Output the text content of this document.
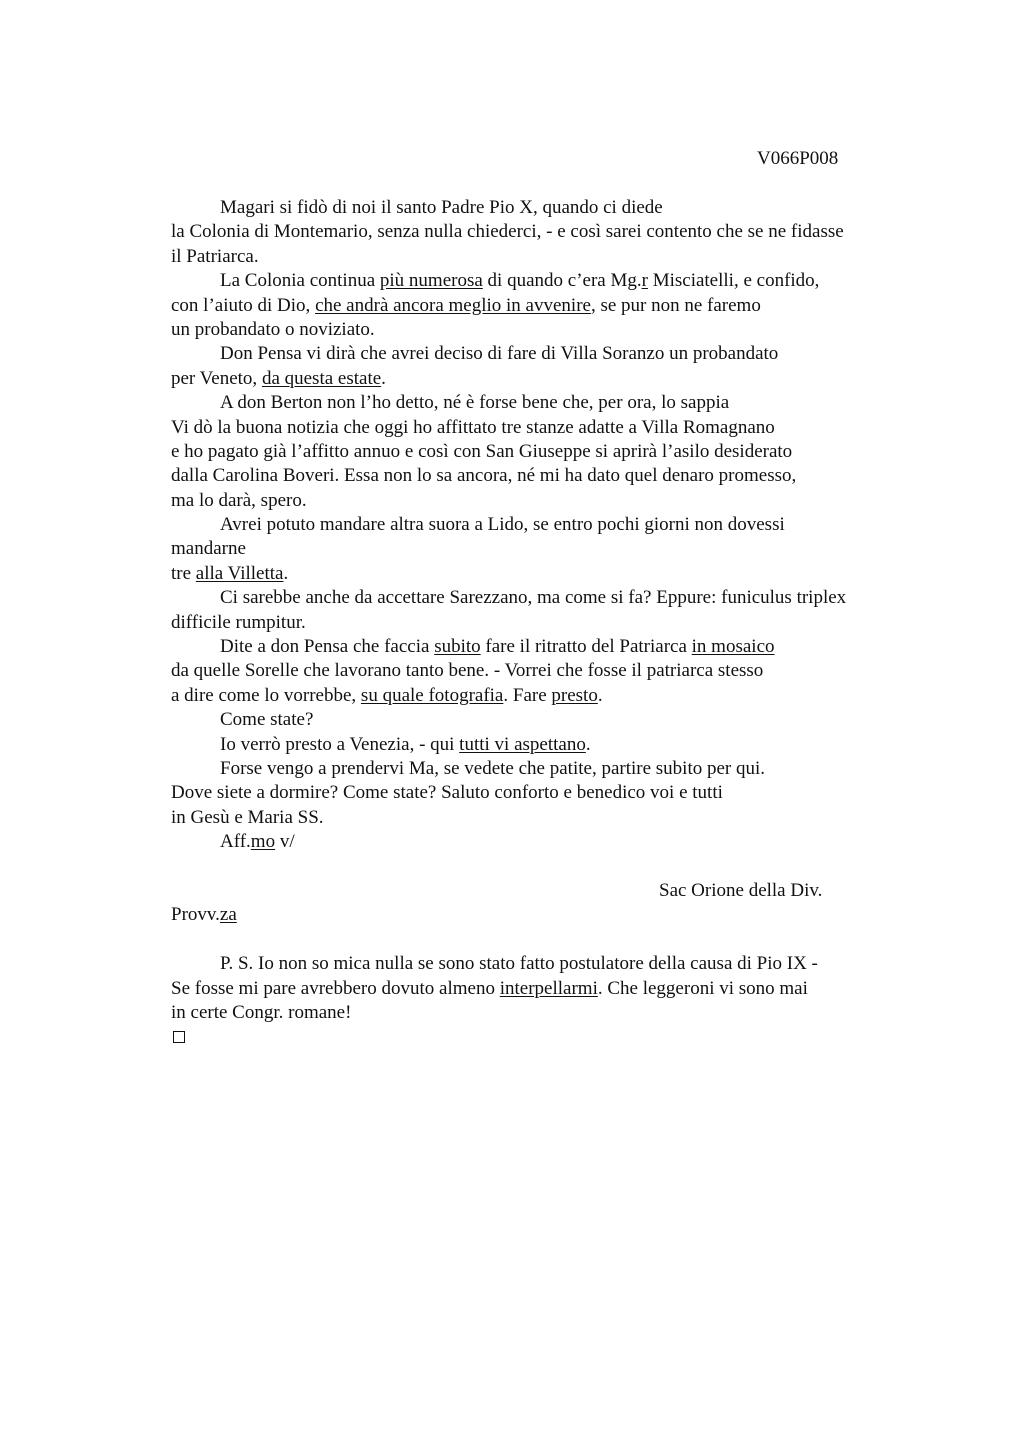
V066P008
Magari si fidò di noi il santo Padre Pio X, quando ci diede
la Colonia di Montemario, senza nulla chiederci, - e così sarei contento che se ne fidasse
il Patriarca.
La Colonia continua più numerosa di quando c’era Mg.r Misciatelli, e confido,
con l’aiuto di Dio, che andrà ancora meglio in avvenire, se pur non ne faremo
un probandato o noviziato.
Don Pensa vi dirà che avrei deciso di fare di Villa Soranzo un probandato
per Veneto, da questa estate.
A don Berton non l’ho detto, né è forse bene che, per ora, lo sappia
Vi dò la buona notizia che oggi ho affittato tre stanze adatte a Villa Romagnano
e ho pagato già l’affitto annuo e così con San Giuseppe si aprirà l’asilo desiderato
dalla Carolina Boveri. Essa non lo sa ancora, né mi ha dato quel denaro promesso,
ma lo darà, spero.
Avrei potuto mandare altra suora a Lido, se entro pochi giorni non dovessi
mandarne
tre alla Villetta.
Ci sarebbe anche da accettare Sarezzano, ma come si fa? Eppure: funiculus triplex
difficile rumpitur.
Dite a don Pensa che faccia subito fare il ritratto del Patriarca in mosaico
da quelle Sorelle che lavorano tanto bene. - Vorrei che fosse il patriarca stesso
a dire come lo vorrebbe, su quale fotografia. Fare presto.
Come state?
Io verrò presto a Venezia, - qui tutti vi aspettano.
Forse vengo a prendervi Ma, se vedete che patite, partire subito per qui.
Dove siete a dormire? Come state? Saluto conforto e benedico voi e tutti
in Gesù e Maria SS.
Aff.mo v/
Sac Orione della Div.
Provv.za
P. S. Io non so mica nulla se sono stato fatto postulatore della causa di Pio IX -
Se fosse mi pare avrebbero dovuto almeno interpellarmi. Che leggeroni vi sono mai
in certe Congr. romane!
